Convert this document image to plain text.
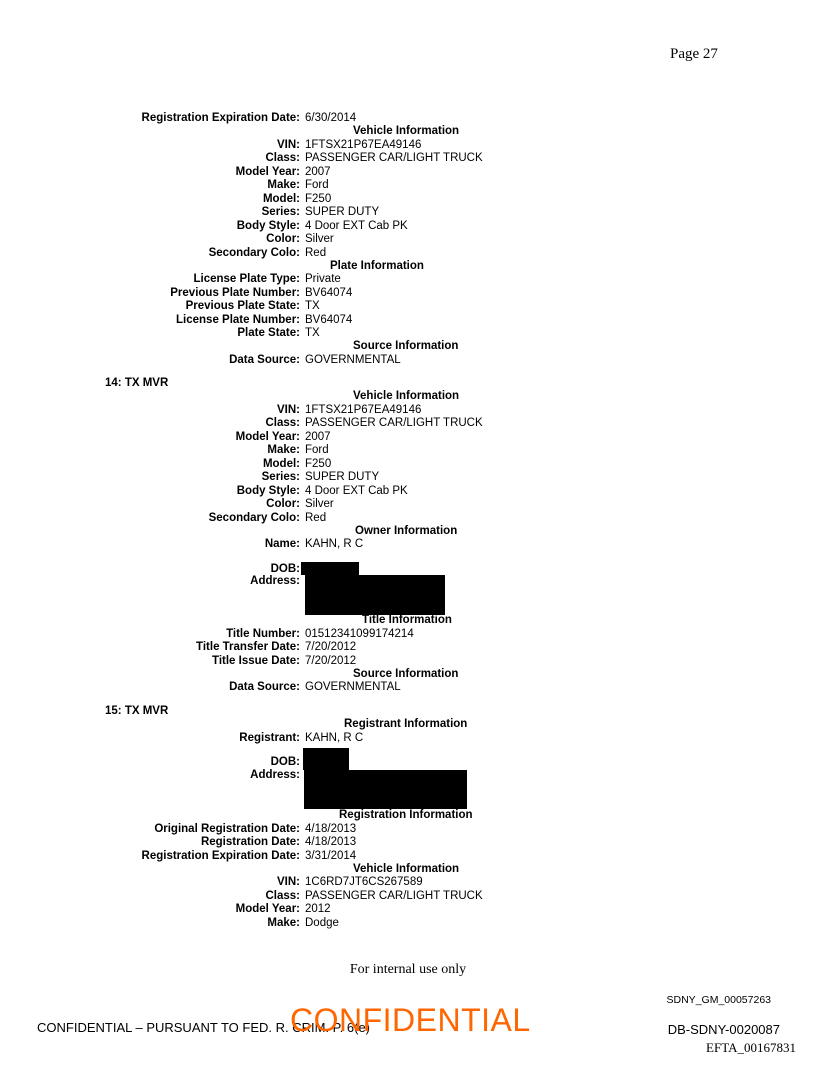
Page 27
Registration Expiration Date: 6/30/2014
Vehicle Information
VIN: 1FTSX21P67EA49146
Class: PASSENGER CAR/LIGHT TRUCK
Model Year: 2007
Make: Ford
Model: F250
Series: SUPER DUTY
Body Style: 4 Door EXT Cab PK
Color: Silver
Secondary Colo: Red
Plate Information
License Plate Type: Private
Previous Plate Number: BV64074
Previous Plate State: TX
License Plate Number: BV64074
Plate State: TX
Source Information
Data Source: GOVERNMENTAL
14: TX MVR
Vehicle Information
VIN: 1FTSX21P67EA49146
Class: PASSENGER CAR/LIGHT TRUCK
Model Year: 2007
Make: Ford
Model: F250
Series: SUPER DUTY
Body Style: 4 Door EXT Cab PK
Color: Silver
Secondary Colo: Red
Owner Information
Name: KAHN, R C
DOB:
Address:
Title Information
Title Number: 01512341099174214
Title Transfer Date: 7/20/2012
Title Issue Date: 7/20/2012
Source Information
Data Source: GOVERNMENTAL
15: TX MVR
Registrant Information
Registrant: KAHN, R C
DOB:
Address:
Registration Information
Original Registration Date: 4/18/2013
Registration Date: 4/18/2013
Registration Expiration Date: 3/31/2014
Vehicle Information
VIN: 1C6RD7JT6CS267589
Class: PASSENGER CAR/LIGHT TRUCK
Model Year: 2012
Make: Dodge
For internal use only
SDNY_GM_00057263
CONFIDENTIAL – PURSUANT TO FED. R. CRIM. P. 6(e)
CONFIDENTIAL	DB-SDNY-0020087
EFTA_00167831
